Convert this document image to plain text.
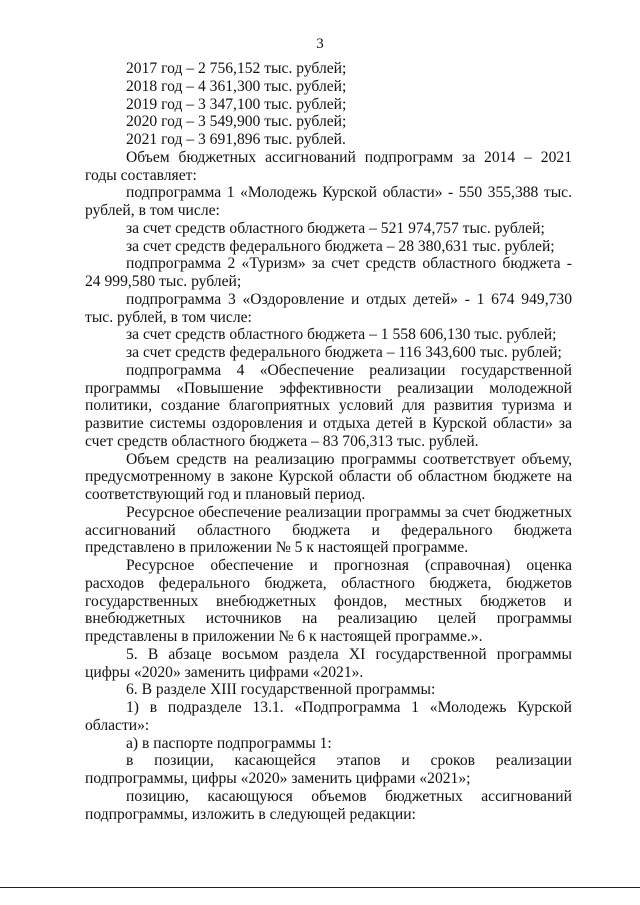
3

2017 год – 2 756,152 тыс. рублей;

2018 год – 4 361,300 тыс. рублей;

2019 год – 3 347,100 тыс. рублей;

2020 год – 3 549,900 тыс. рублей;

2021 год – 3 691,896 тыс. рублей.

Объем бюджетных ассигнований подпрограмм за 2014 – 2021 годы составляет:

подпрограмма 1 «Молодежь Курской области» - 550 355,388 тыс. рублей, в том числе:

за счет средств областного бюджета – 521 974,757 тыс. рублей;

за счет средств федерального бюджета – 28 380,631 тыс. рублей;

подпрограмма 2 «Туризм» за счет средств областного бюджета - 24 999,580 тыс. рублей;

подпрограмма 3 «Оздоровление и отдых детей» - 1 674 949,730 тыс. рублей, в том числе:

за счет средств областного бюджета – 1 558 606,130 тыс. рублей;

за счет средств федерального бюджета – 116 343,600 тыс. рублей;

подпрограмма 4 «Обеспечение реализации государственной программы «Повышение эффективности реализации молодежной политики, создание благоприятных условий для развития туризма и развитие системы оздоровления и отдыха детей в Курской области» за счет средств областного бюджета – 83 706,313 тыс. рублей.

Объем средств на реализацию программы соответствует объему, предусмотренному в законе Курской области об областном бюджете на соответствующий год и плановый период.

Ресурсное обеспечение реализации программы за счет бюджетных ассигнований областного бюджета и федерального бюджета представлено в приложении № 5 к настоящей программе.

Ресурсное обеспечение и прогнозная (справочная) оценка расходов федерального бюджета, областного бюджета, бюджетов государственных внебюджетных фондов, местных бюджетов и внебюджетных источников на реализацию целей программы представлены в приложении № 6 к настоящей программе.».

5. В абзаце восьмом раздела XI государственной программы цифры «2020» заменить цифрами «2021».

6. В разделе XIII государственной программы:

1) в подразделе 13.1. «Подпрограмма 1 «Молодежь Курской области»:

а) в паспорте подпрограммы 1:

в позиции, касающейся этапов и сроков реализации подпрограммы, цифры «2020» заменить цифрами «2021»;

позицию, касающуюся объемов бюджетных ассигнований подпрограммы, изложить в следующей редакции:
